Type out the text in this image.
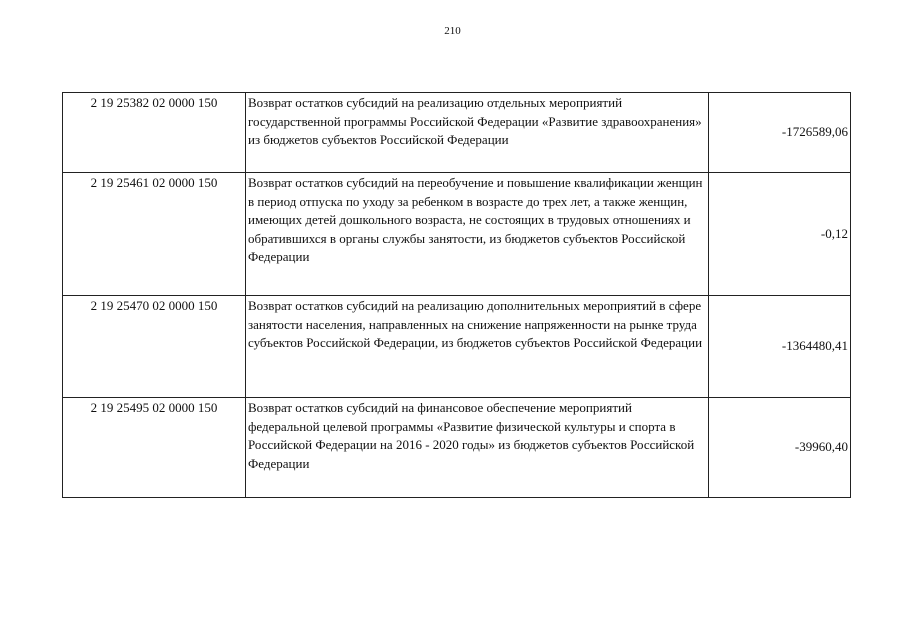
210
2 19 25382 02 0000 150	Возврат остатков субсидий на реализацию отдельных мероприятий государственной программы Российской Федерации «Развитие здравоохранения» из бюджетов субъектов Российской Федерации	-1726589,06
2 19 25461 02 0000 150	Возврат остатков субсидий на переобучение и повышение квалификации женщин в период отпуска по уходу за ребенком в возрасте до трех лет, а также женщин, имеющих детей дошкольного возраста, не состоящих в трудовых отношениях и обратившихся в органы службы занятости, из бюджетов субъектов Российской Федерации	-0,12
2 19 25470 02 0000 150	Возврат остатков субсидий на реализацию дополнительных мероприятий в сфере занятости населения, направленных на снижение напряженности на рынке труда субъектов Российской Федерации, из бюджетов субъектов Российской Федерации	-1364480,41
2 19 25495 02 0000 150	Возврат остатков субсидий на финансовое обеспечение мероприятий федеральной целевой программы «Развитие физической культуры и спорта в Российской Федерации на 2016 - 2020 годы» из бюджетов субъектов Российской Федерации	-39960,40
